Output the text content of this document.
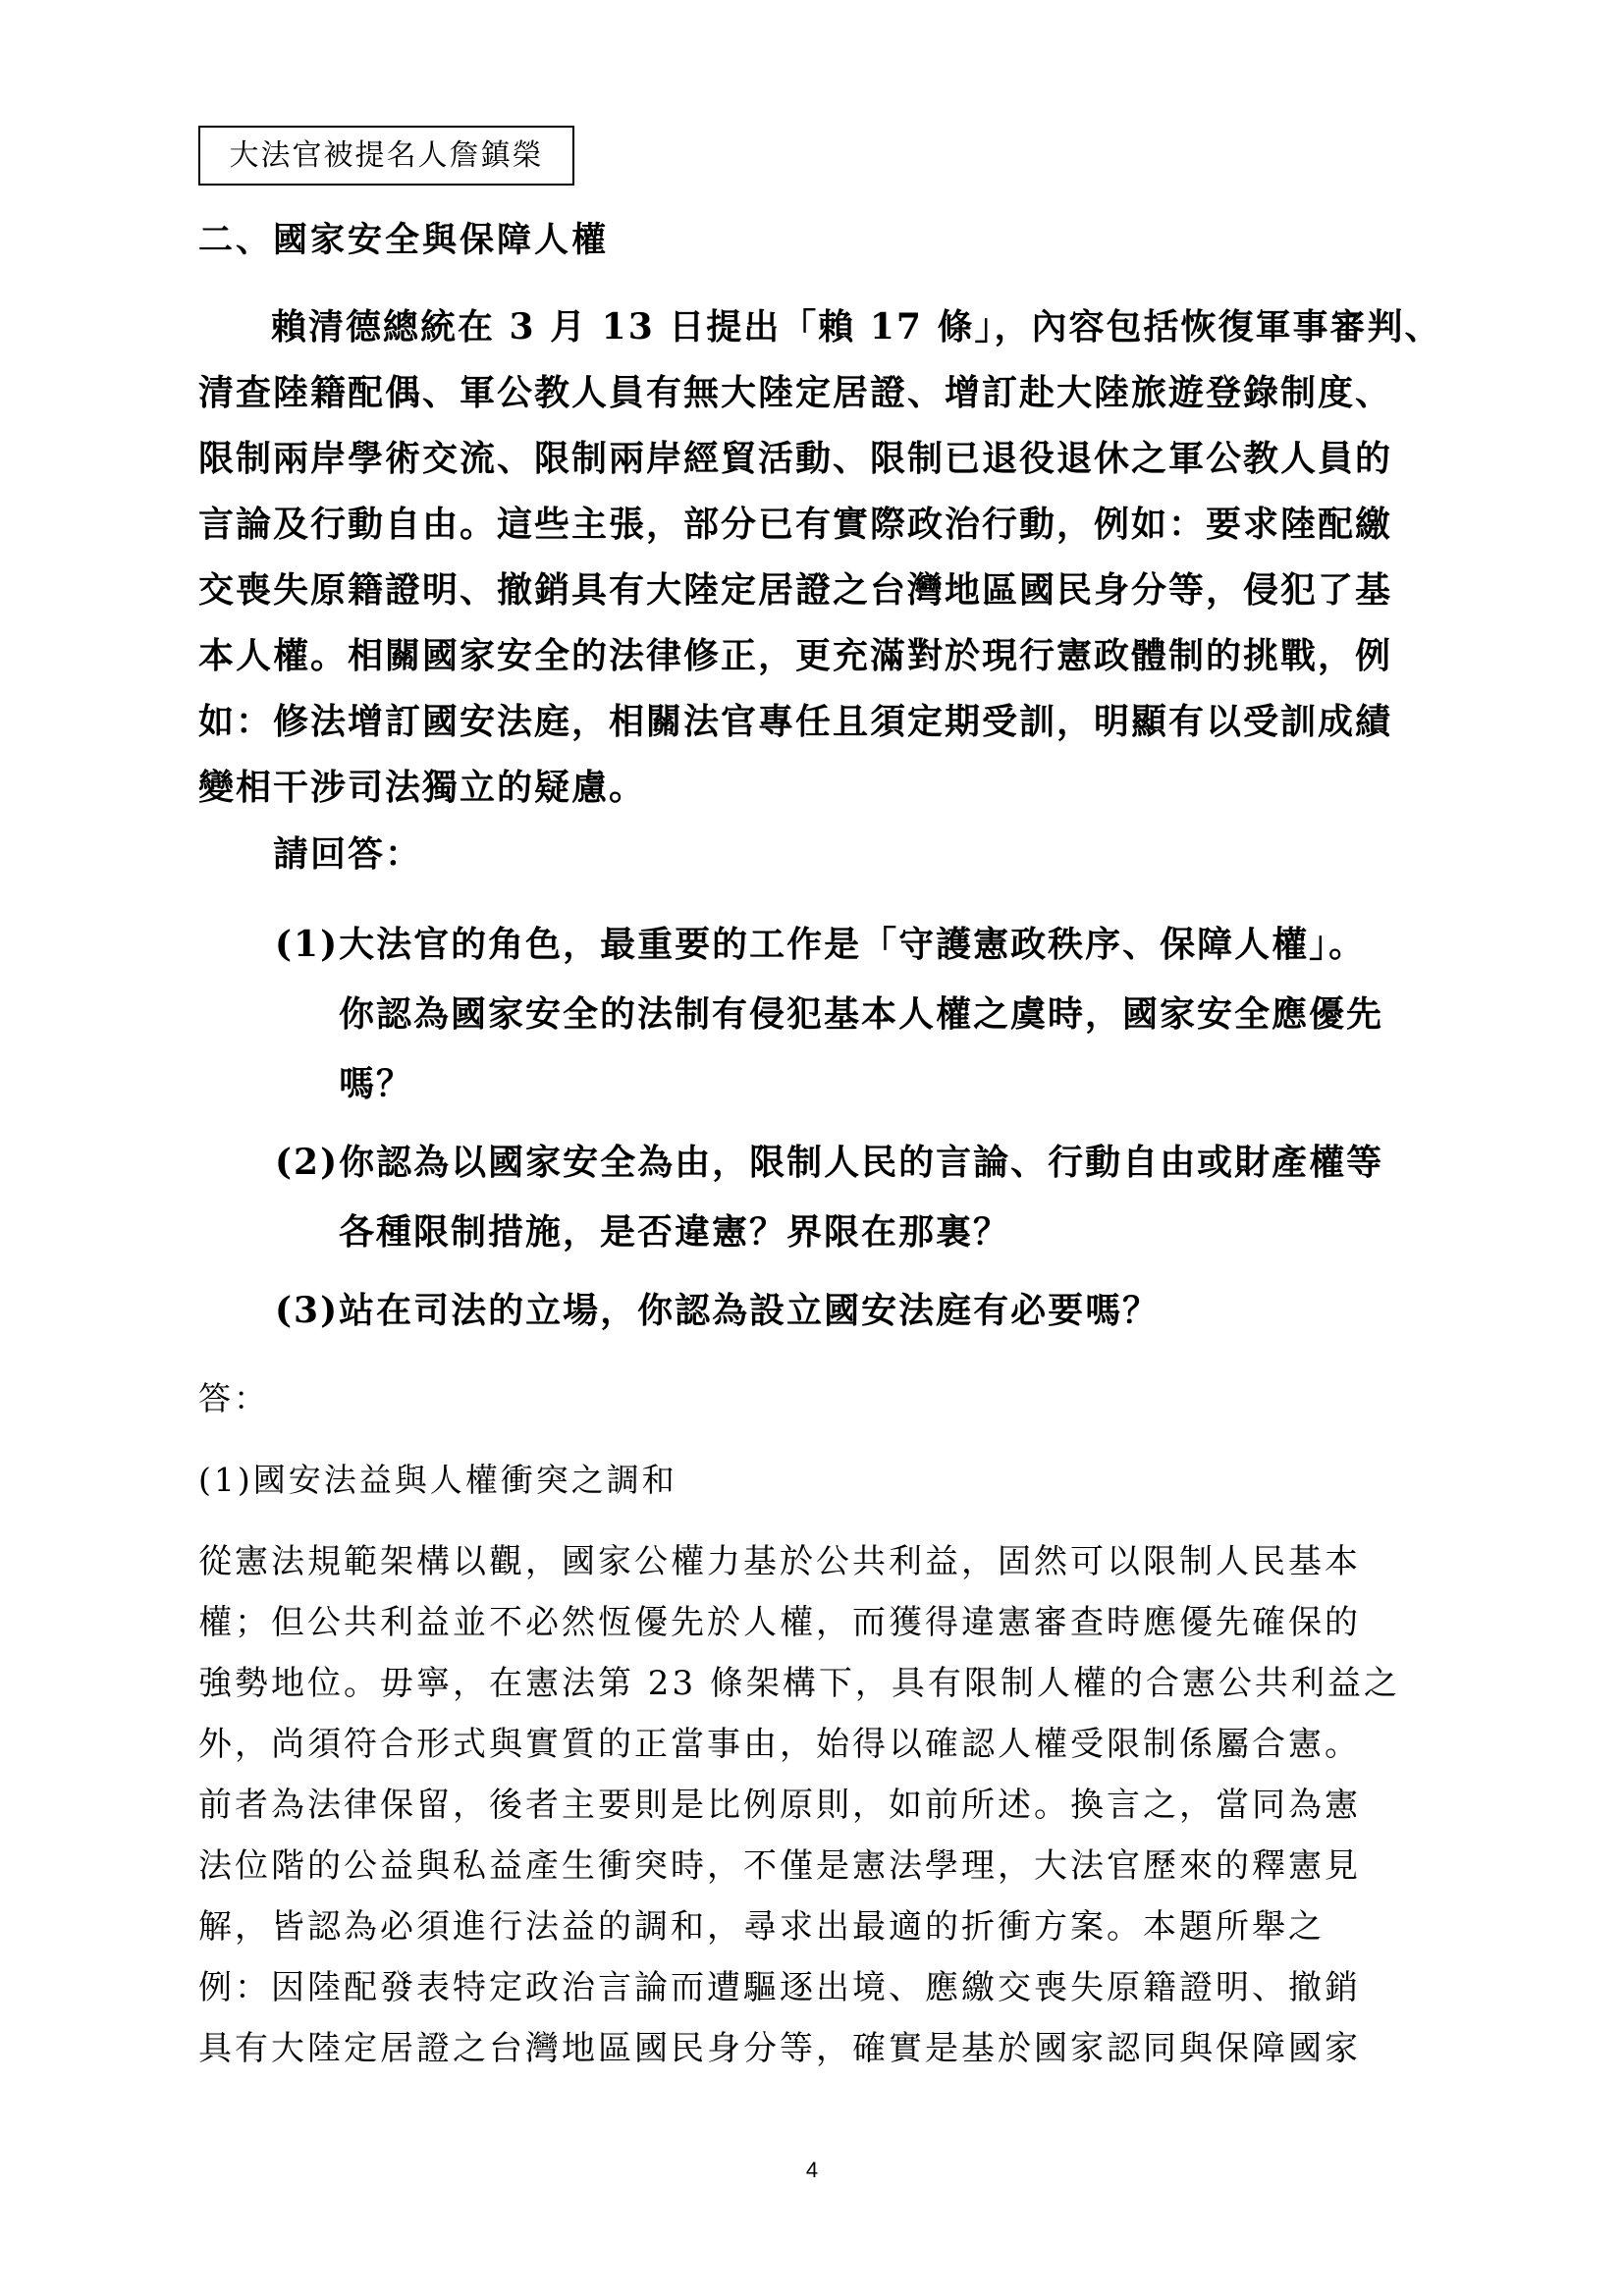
大法官被提名人詹鎮榮
二、國家安全與保障人權
賴清德總統在 3 月 13 日提出「賴 17 條」，內容包括恢復軍事審判、
清查陸籍配偶、軍公教人員有無大陸定居證、增訂赴大陸旅遊登錄制度、
限制兩岸學術交流、限制兩岸經貿活動、限制已退役退休之軍公教人員的
言論及行動自由。這些主張，部分已有實際政治行動，例如：要求陸配繳
交喪失原籍證明、撤銷具有大陸定居證之台灣地區國民身分等，侵犯了基
本人權。相關國家安全的法律修正，更充滿對於現行憲政體制的挑戰，例
如：修法增訂國安法庭，相關法官專任且須定期受訓，明顯有以受訓成績
變相干涉司法獨立的疑慮。
請回答：
(1)大法官的角色，最重要的工作是「守護憲政秩序、保障人權」。
你認為國家安全的法制有侵犯基本人權之虞時，國家安全應優先
嗎？
(2)你認為以國家安全為由，限制人民的言論、行動自由或財產權等
各種限制措施，是否違憲？界限在那裏？
(3)站在司法的立場，你認為設立國安法庭有必要嗎？
答：
(1)國安法益與人權衝突之調和
從憲法規範架構以觀，國家公權力基於公共利益，固然可以限制人民基本
權；但公共利益並不必然恆優先於人權，而獲得違憲審查時應優先確保的
強勢地位。毋寧，在憲法第 23 條架構下，具有限制人權的合憲公共利益之
外，尚須符合形式與實質的正當事由，始得以確認人權受限制係屬合憲。
前者為法律保留，後者主要則是比例原則，如前所述。換言之，當同為憲
法位階的公益與私益產生衝突時，不僅是憲法學理，大法官歷來的釋憲見
解，皆認為必須進行法益的調和，尋求出最適的折衝方案。本題所舉之
例：因陸配發表特定政治言論而遭驅逐出境、應繳交喪失原籍證明、撤銷
具有大陸定居證之台灣地區國民身分等，確實是基於國家認同與保障國家
4
